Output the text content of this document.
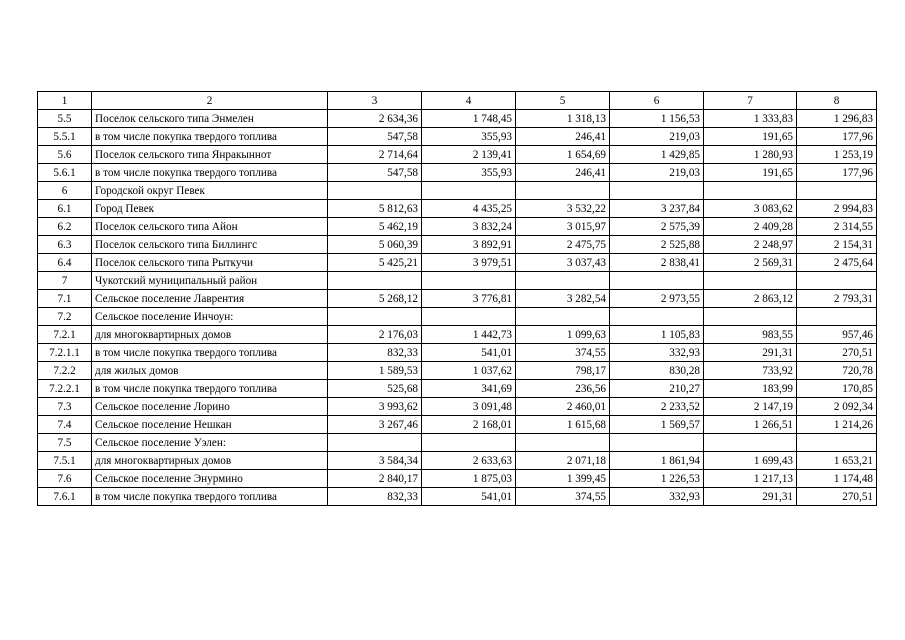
1	2	3	4	5	6	7	8
5.5	Поселок сельского типа Энмелен	2 634,36	1 748,45	1 318,13	1 156,53	1 333,83	1 296,83
5.5.1	в том числе покупка твердого топлива	547,58	355,93	246,41	219,03	191,65	177,96
5.6	Поселок сельского типа Янракыннот	2 714,64	2 139,41	1 654,69	1 429,85	1 280,93	1 253,19
5.6.1	в том числе покупка твердого топлива	547,58	355,93	246,41	219,03	191,65	177,96
6	Городской округ Певек						
6.1	Город Певек	5 812,63	4 435,25	3 532,22	3 237,84	3 083,62	2 994,83
6.2	Поселок сельского типа Айон	5 462,19	3 832,24	3 015,97	2 575,39	2 409,28	2 314,55
6.3	Поселок сельского типа Биллингс	5 060,39	3 892,91	2 475,75	2 525,88	2 248,97	2 154,31
6.4	Поселок сельского типа Рыткучи	5 425,21	3 979,51	3 037,43	2 838,41	2 569,31	2 475,64
7	Чукотский муниципальный район						
7.1	Сельское поселение Лаврентия	5 268,12	3 776,81	3 282,54	2 973,55	2 863,12	2 793,31
7.2	Сельское поселение Инчоун:						
7.2.1	для многоквартирных домов	2 176,03	1 442,73	1 099,63	1 105,83	983,55	957,46
7.2.1.1	в том числе покупка твердого топлива	832,33	541,01	374,55	332,93	291,31	270,51
7.2.2	для жилых домов	1 589,53	1 037,62	798,17	830,28	733,92	720,78
7.2.2.1	в том числе покупка твердого топлива	525,68	341,69	236,56	210,27	183,99	170,85
7.3	Сельское поселение Лорино	3 993,62	3 091,48	2 460,01	2 233,52	2 147,19	2 092,34
7.4	Сельское поселение Нешкан	3 267,46	2 168,01	1 615,68	1 569,57	1 266,51	1 214,26
7.5	Сельское поселение Уэлен:						
7.5.1	для многоквартирных домов	3 584,34	2 633,63	2 071,18	1 861,94	1 699,43	1 653,21
7.6	Сельское поселение Энурмино	2 840,17	1 875,03	1 399,45	1 226,53	1 217,13	1 174,48
7.6.1	в том числе покупка твердого топлива	832,33	541,01	374,55	332,93	291,31	270,51
